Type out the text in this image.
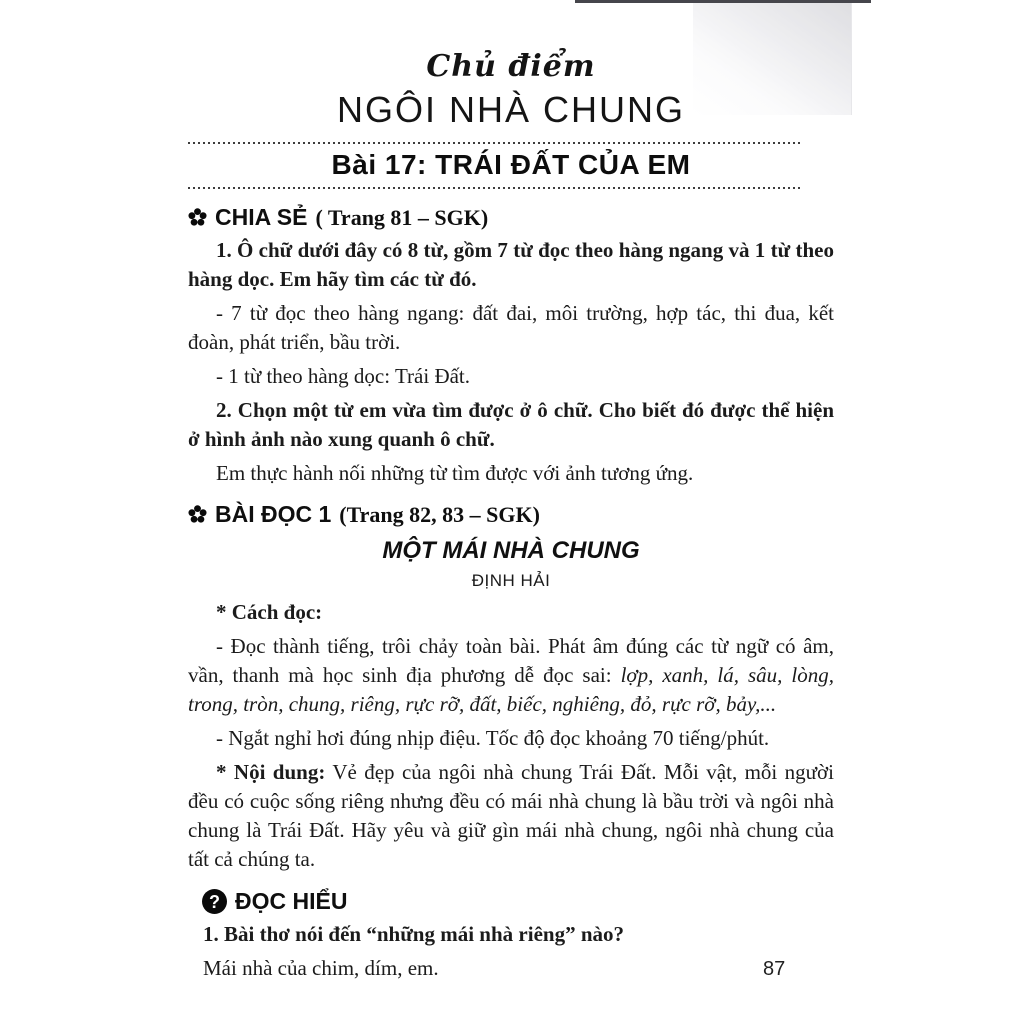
Chủ điểm
NGÔI NHÀ CHUNG
Bài 17: TRÁI ĐẤT CỦA EM
CHIA SẺ ( Trang 81 – SGK)

1. Ô chữ dưới đây có 8 từ, gồm 7 từ đọc theo hàng ngang và 1 từ theo hàng dọc. Em hãy tìm các từ đó.

- 7 từ đọc theo hàng ngang: đất đai, môi trường, hợp tác, thi đua, kết đoàn, phát triển, bầu trời.

- 1 từ theo hàng dọc: Trái Đất.

2. Chọn một từ em vừa tìm được ở ô chữ. Cho biết đó được thể hiện ở hình ảnh nào xung quanh ô chữ.

Em thực hành nối những từ tìm được với ảnh tương ứng.

BÀI ĐỌC 1 (Trang 82, 83 – SGK)
MỘT MÁI NHÀ CHUNG
ĐỊNH HẢI

* Cách đọc:

- Đọc thành tiếng, trôi chảy toàn bài. Phát âm đúng các từ ngữ có âm, vần, thanh mà học sinh địa phương dễ đọc sai: lợp, xanh, lá, sâu, lòng, trong, tròn, chung, riêng, rực rỡ, đất, biếc, nghiêng, đỏ, rực rỡ, bảy,...

- Ngắt nghỉ hơi đúng nhịp điệu. Tốc độ đọc khoảng 70 tiếng/phút.

* Nội dung: Vẻ đẹp của ngôi nhà chung Trái Đất. Mỗi vật, mỗi người đều có cuộc sống riêng nhưng đều có mái nhà chung là bầu trời và ngôi nhà chung là Trái Đất. Hãy yêu và giữ gìn mái nhà chung, ngôi nhà chung của tất cả chúng ta.

? ĐỌC HIỂU

1. Bài thơ nói đến “những mái nhà riêng” nào?

Mái nhà của chim, dím, em.	87
